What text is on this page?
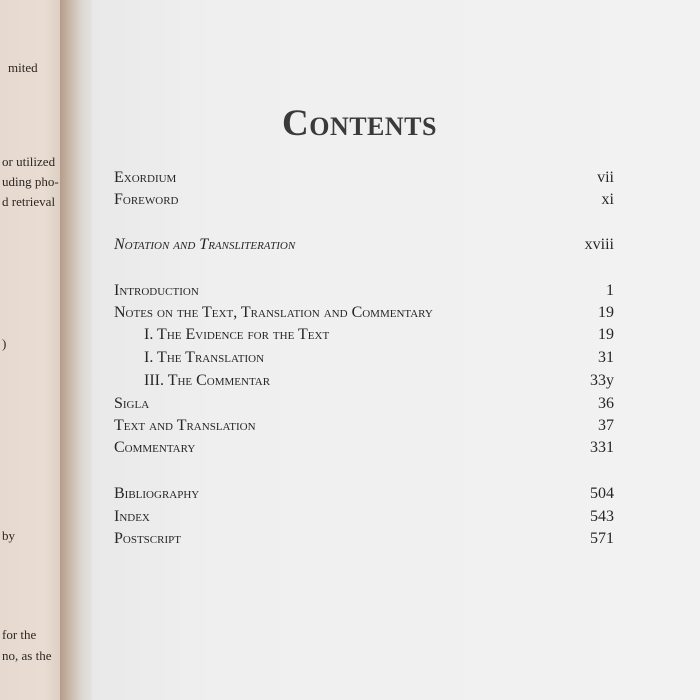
mited
or utilized
uding pho-
d retrieval
)
by
for the
no, as the
Contents
Exordium	vii
Foreword	xi
Notation and Transliteration	xviii
Introduction	1
Notes on the Text, Translation and Commentary	19
I. The Evidence for the Text	19
I. The Translation	31
III. The Commentar	33y
Sigla	36
Text and Translation	37
Commentary	331
Bibliography	504
Index	543
Postscript	571
